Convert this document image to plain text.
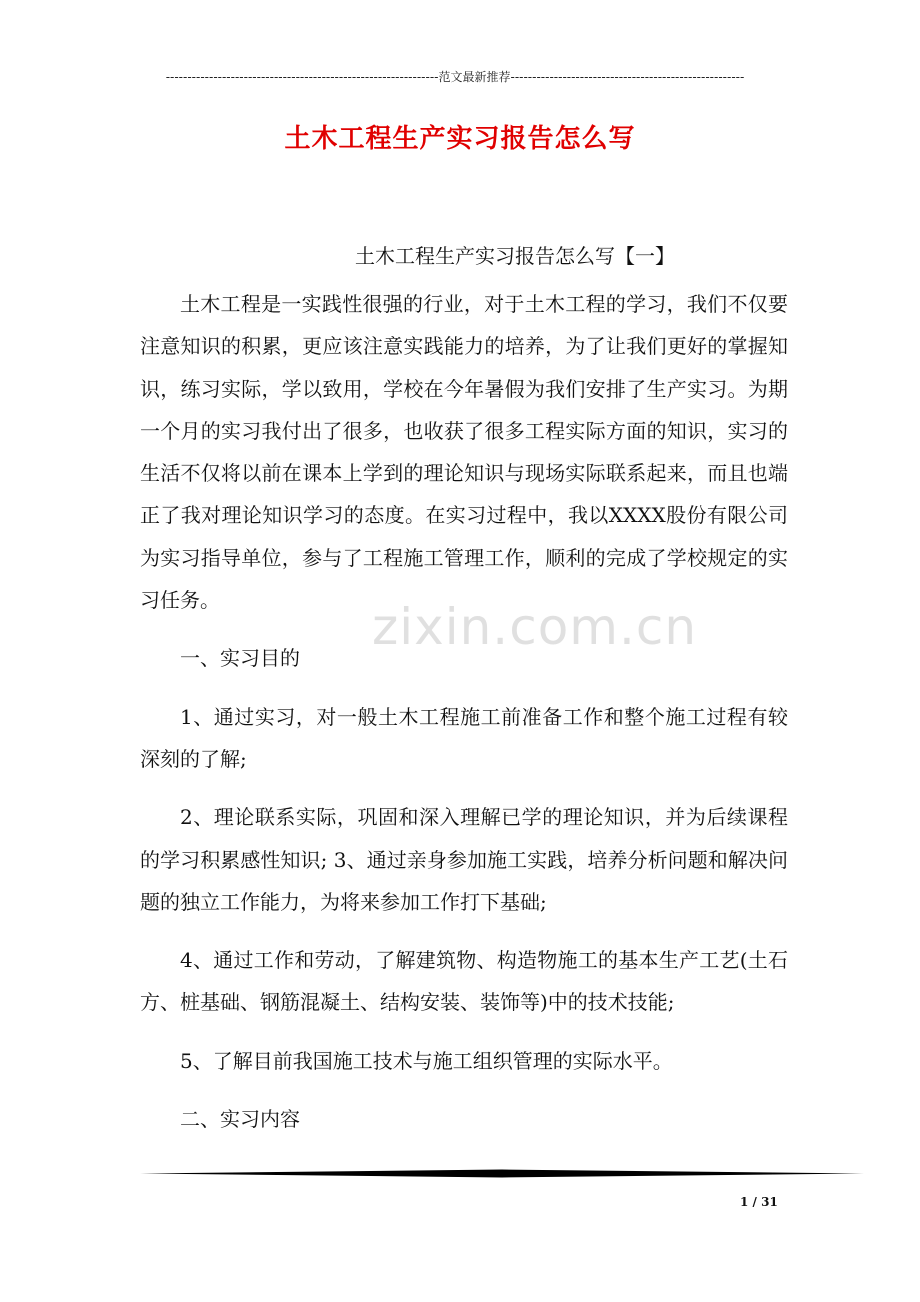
---------------------------------------------------------------范文最新推荐------------------------------------------------------
土木工程生产实习报告怎么写
土木工程生产实习报告怎么写【一】

土木工程是一实践性很强的行业，对于土木工程的学习，我们不仅要注意知识的积累，更应该注意实践能力的培养，为了让我们更好的掌握知识，练习实际，学以致用，学校在今年暑假为我们安排了生产实习。为期一个月的实习我付出了很多，也收获了很多工程实际方面的知识，实习的生活不仅将以前在课本上学到的理论知识与现场实际联系起来，而且也端正了我对理论知识学习的态度。在实习过程中，我以XXXX股份有限公司为实习指导单位，参与了工程施工管理工作，顺利的完成了学校规定的实习任务。

一、实习目的

1、通过实习，对一般土木工程施工前准备工作和整个施工过程有较深刻的了解;

2、理论联系实际，巩固和深入理解已学的理论知识，并为后续课程的学习积累感性知识; 3、通过亲身参加施工实践，培养分析问题和解决问题的独立工作能力，为将来参加工作打下基础;

4、通过工作和劳动，了解建筑物、构造物施工的基本生产工艺(土石方、桩基础、钢筋混凝土、结构安装、装饰等)中的技术技能;

5、了解目前我国施工技术与施工组织管理的实际水平。

二、实习内容

zixin.com.cn
1 / 31
